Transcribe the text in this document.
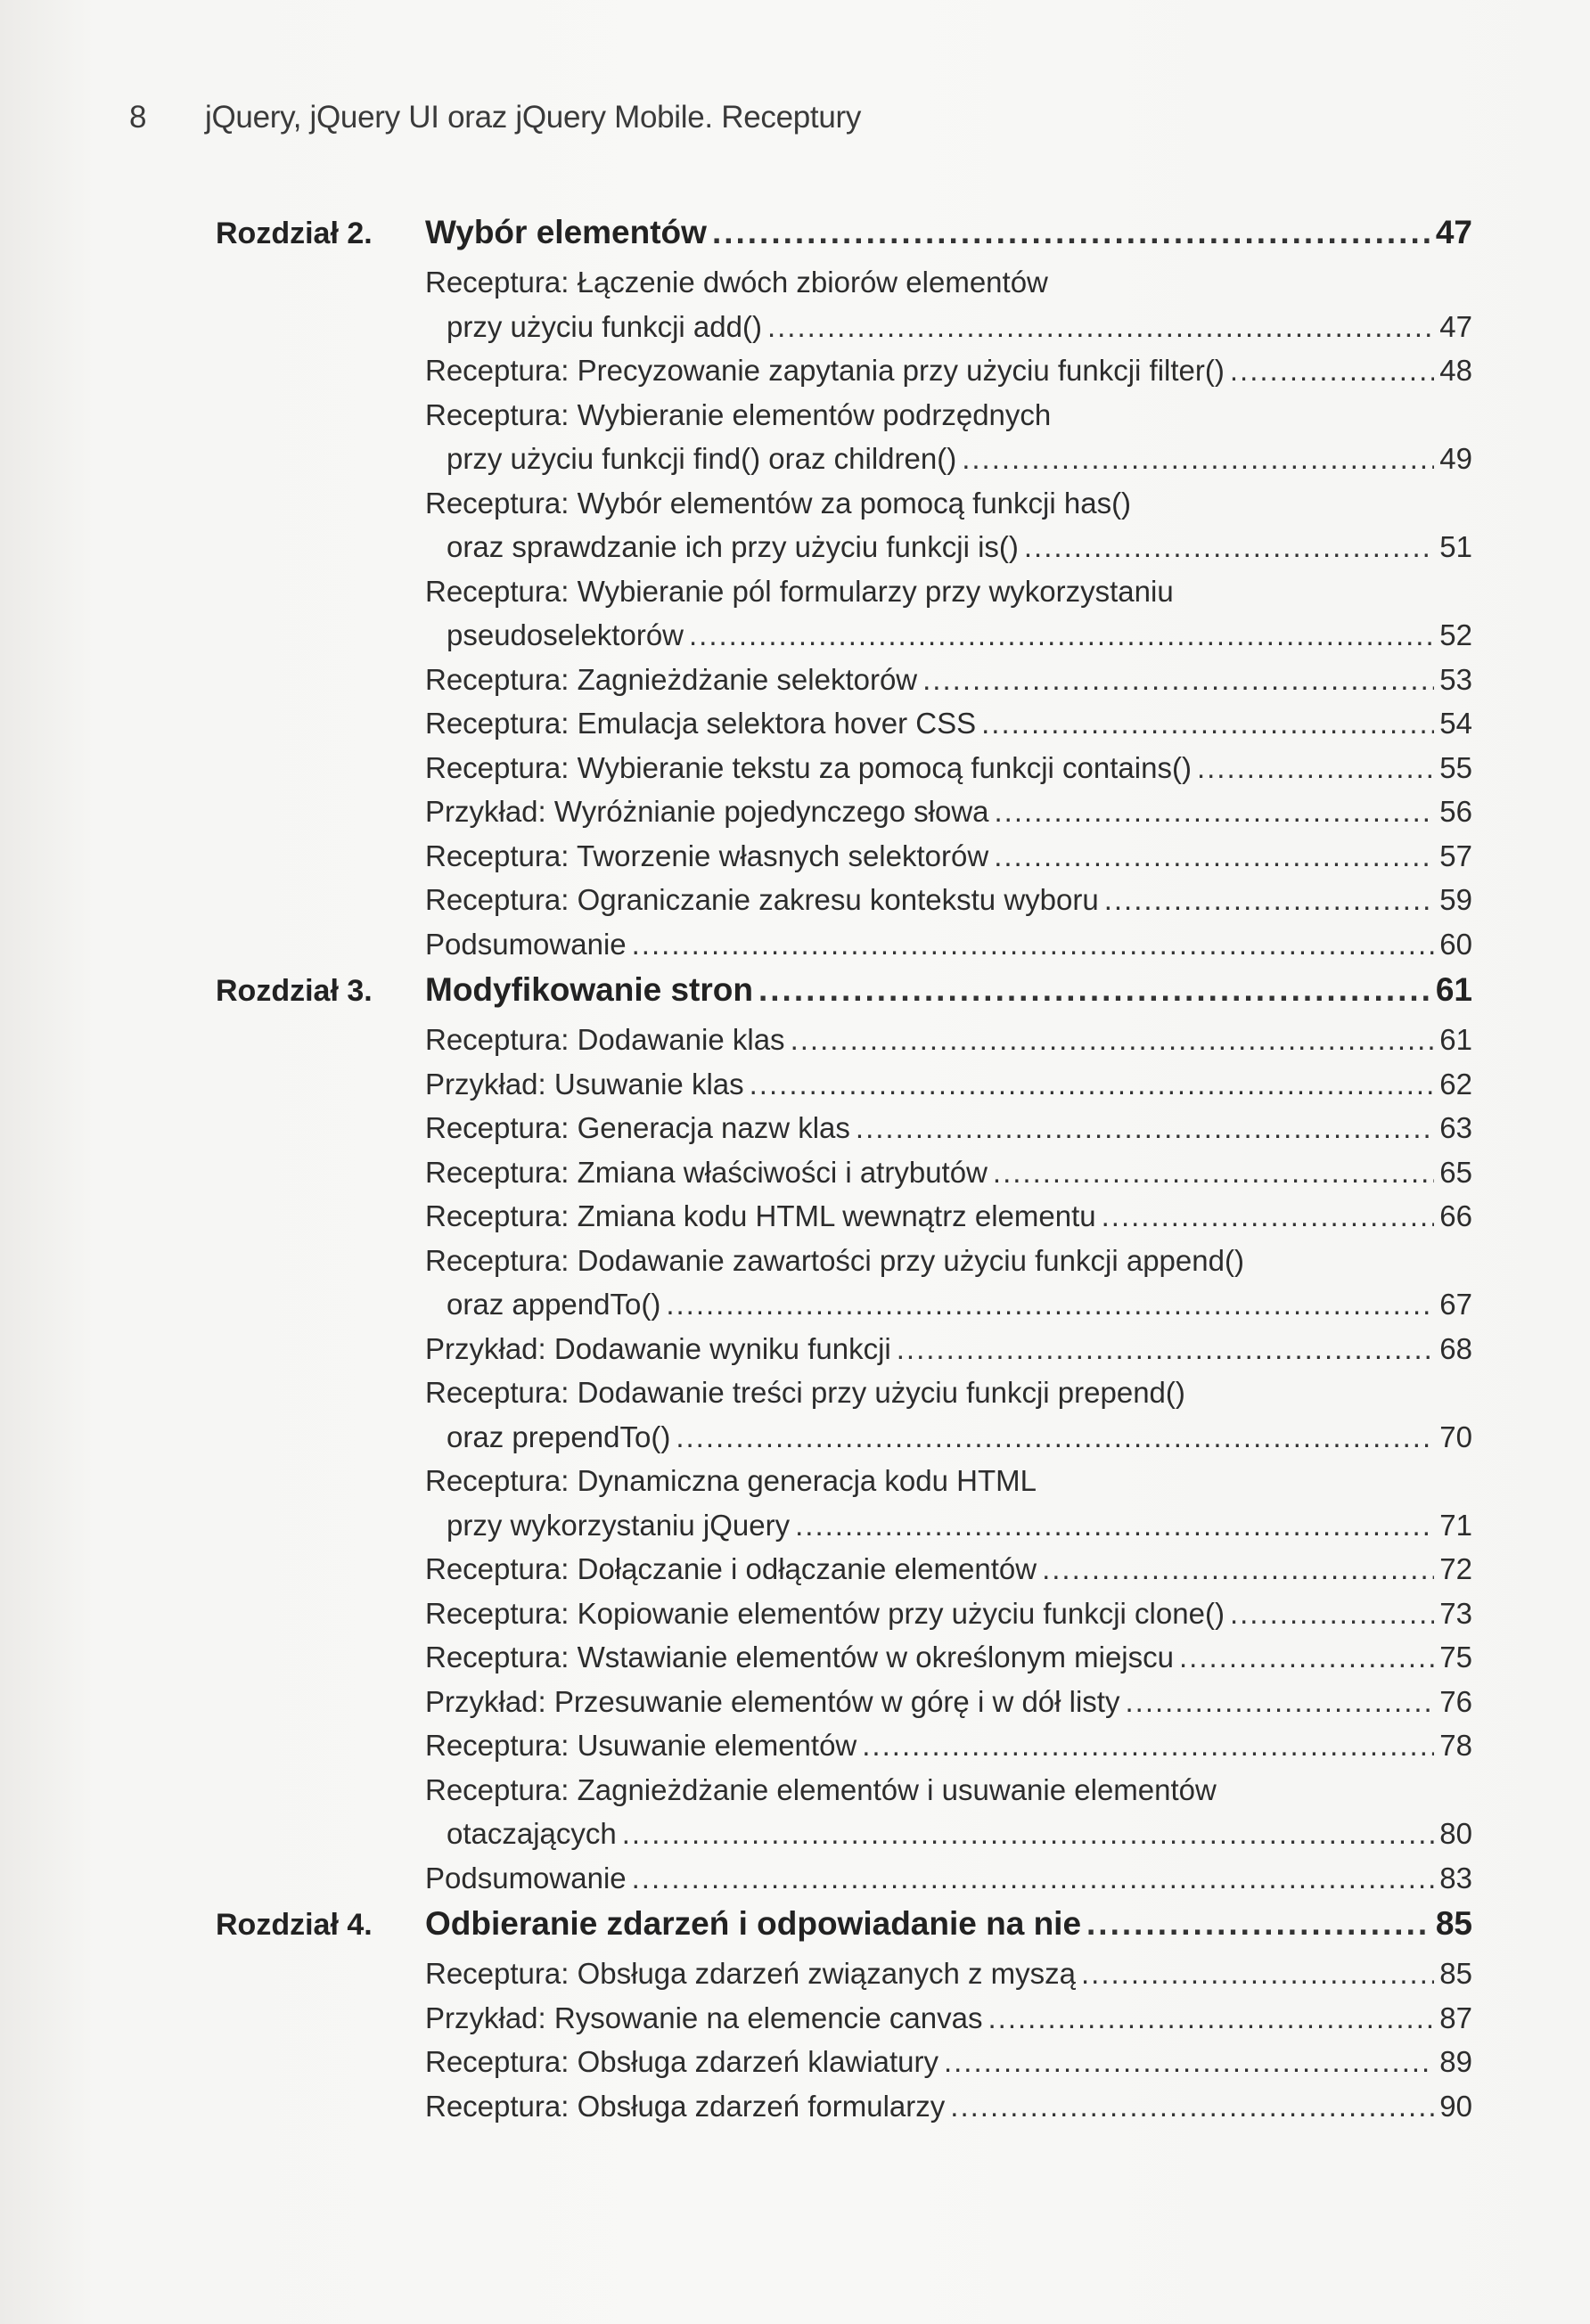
8 jQuery, jQuery UI oraz jQuery Mobile. Receptury
Rozdział 2.	Wybór elementów .....	47
Receptura: Łączenie dwóch zbiorów elementów
przy użyciu funkcji add() .....	47
Receptura: Precyzowanie zapytania przy użyciu funkcji filter() .....	48
Receptura: Wybieranie elementów podrzędnych
przy użyciu funkcji find() oraz children() .....	49
Receptura: Wybór elementów za pomocą funkcji has()
oraz sprawdzanie ich przy użyciu funkcji is() .....	51
Receptura: Wybieranie pól formularzy przy wykorzystaniu
pseudoselektorów .....	52
Receptura: Zagnieżdżanie selektorów .....	53
Receptura: Emulacja selektora hover CSS .....	54
Receptura: Wybieranie tekstu za pomocą funkcji contains() .....	55
Przykład: Wyróżnianie pojedynczego słowa .....	56
Receptura: Tworzenie własnych selektorów .....	57
Receptura: Ograniczanie zakresu kontekstu wyboru .....	59
Podsumowanie .....	60
Rozdział 3.	Modyfikowanie stron .....	61
Receptura: Dodawanie klas .....	61
Przykład: Usuwanie klas .....	62
Receptura: Generacja nazw klas .....	63
Receptura: Zmiana właściwości i atrybutów .....	65
Receptura: Zmiana kodu HTML wewnątrz elementu .....	66
Receptura: Dodawanie zawartości przy użyciu funkcji append()
oraz appendTo() .....	67
Przykład: Dodawanie wyniku funkcji .....	68
Receptura: Dodawanie treści przy użyciu funkcji prepend()
oraz prependTo() .....	70
Receptura: Dynamiczna generacja kodu HTML
przy wykorzystaniu jQuery .....	71
Receptura: Dołączanie i odłączanie elementów .....	72
Receptura: Kopiowanie elementów przy użyciu funkcji clone() .....	73
Receptura: Wstawianie elementów w określonym miejscu .....	75
Przykład: Przesuwanie elementów w górę i w dół listy .....	76
Receptura: Usuwanie elementów .....	78
Receptura: Zagnieżdżanie elementów i usuwanie elementów
otaczających .....	80
Podsumowanie .....	83
Rozdział 4.	Odbieranie zdarzeń i odpowiadanie na nie .....	85
Receptura: Obsługa zdarzeń związanych z myszą .....	85
Przykład: Rysowanie na elemencie canvas .....	87
Receptura: Obsługa zdarzeń klawiatury .....	89
Receptura: Obsługa zdarzeń formularzy .....	90
